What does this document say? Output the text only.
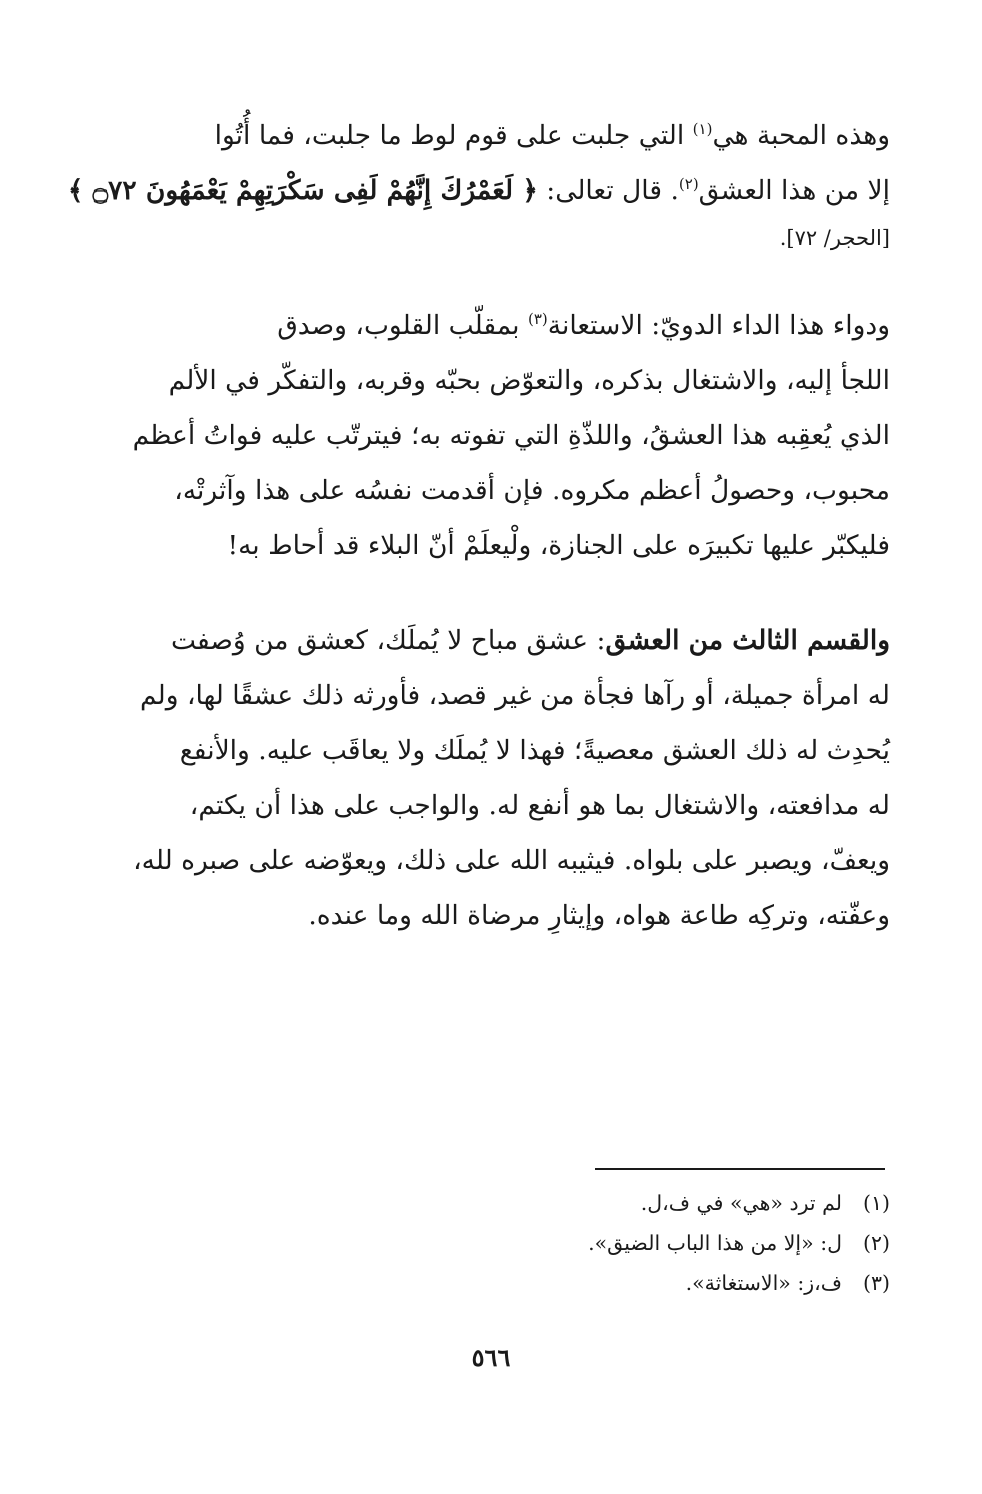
وهذه المحبة هي$^{(١)}$ التي جلبت على قوم لوط ما جلبت، فما أُتُوا
إلا من هذا العشق$^{(٢)}$. قال تعالى: ﴿ لَعَمْرُكَ إِنَّهُمْ لَفِى سَكْرَتِهِمْ يَعْمَهُونَ ۝٧٢ ﴾
[الحجر/ ٧٢].

ودواء هذا الداء الدويّ: الاستعانة$^{(٣)}$ بمقلّب القلوب، وصدق
اللجأ إليه، والاشتغال بذكره، والتعوّض بحبّه وقربه، والتفكّر في الألم
الذي يُعقِبه هذا العشقُ، واللذّةِ التي تفوته به؛ فيترتّب عليه فواتُ أعظم
محبوب، وحصولُ أعظم مكروه. فإن أقدمت نفسُه على هذا وآثرتْه،
فليكبّر عليها تكبيرَه على الجنازة، ولْيعلَمْ أنّ البلاء قد أحاط به!

والقسم الثالث من العشق: عشق مباح لا يُملَك، كعشق من وُصفت
له امرأة جميلة، أو رآها فجأة من غير قصد، فأورثه ذلك عشقًا لها، ولم
يُحدِث له ذلك العشق معصيةً؛ فهذا لا يُملَك ولا يعاقَب عليه. والأنفع
له مدافعته، والاشتغال بما هو أنفع له. والواجب على هذا أن يكتم،
ويعفّ، ويصبر على بلواه. فيثيبه الله على ذلك، ويعوّضه على صبره لله،
وعفّته، وتركِه طاعة هواه، وإيثارِ مرضاة الله وما عنده.

(١)
لم ترد «هي» في ف،ل.
(٢)
ل: «إلا من هذا الباب الضيق».
(٣)
ف،ز: «الاستغاثة».
٥٦٦
